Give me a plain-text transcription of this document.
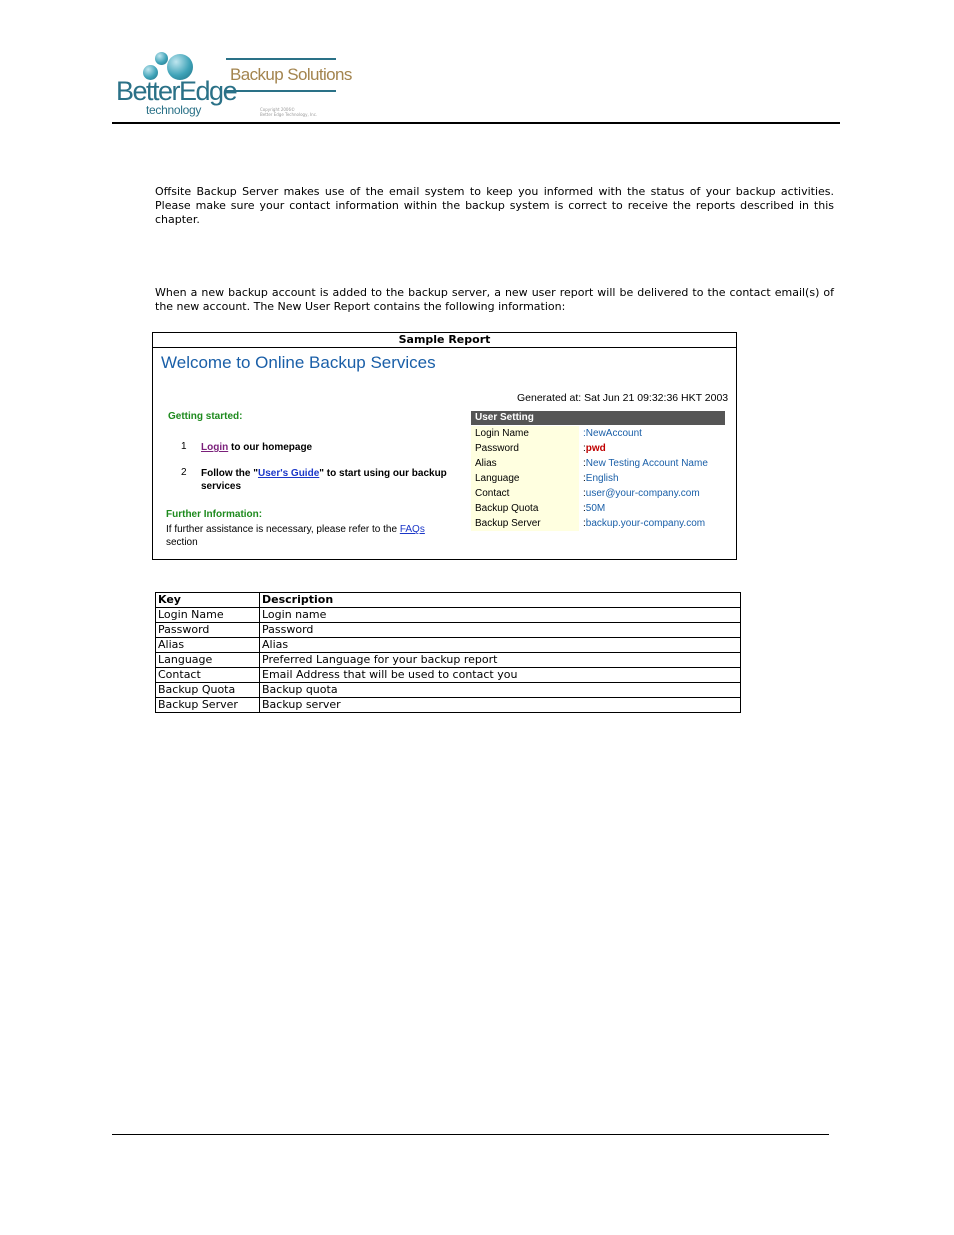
BetterEdge
technology
Backup Solutions
Copyright 2006©
Better Edge Technology, Inc.
Offsite Backup Server makes use of the email system to keep you informed with the status of your backup activities. Please make sure your contact information within the backup system is correct to receive the reports described in this chapter.
When a new backup account is added to the backup server, a new user report will be delivered to the contact email(s) of the new account. The New User Report contains the following information:
Sample Report
Welcome to Online Backup Services
Generated at: Sat Jun 21 09:32:36 HKT 2003
Getting started:
1 Login to our homepage
2 Follow the "User's Guide" to start using our backup services
Further Information:
If further assistance is necessary, please refer to the FAQs section
User Setting
Login Name	:NewAccount
Password	:pwd
Alias	:New Testing Account Name
Language	:English
Contact	:user@your-company.com
Backup Quota	:50M
Backup Server	:backup.your-company.com
Key	Description
Login Name	Login name
Password	Password
Alias	Alias
Language	Preferred Language for your backup report
Contact	Email Address that will be used to contact you
Backup Quota	Backup quota
Backup Server	Backup server
